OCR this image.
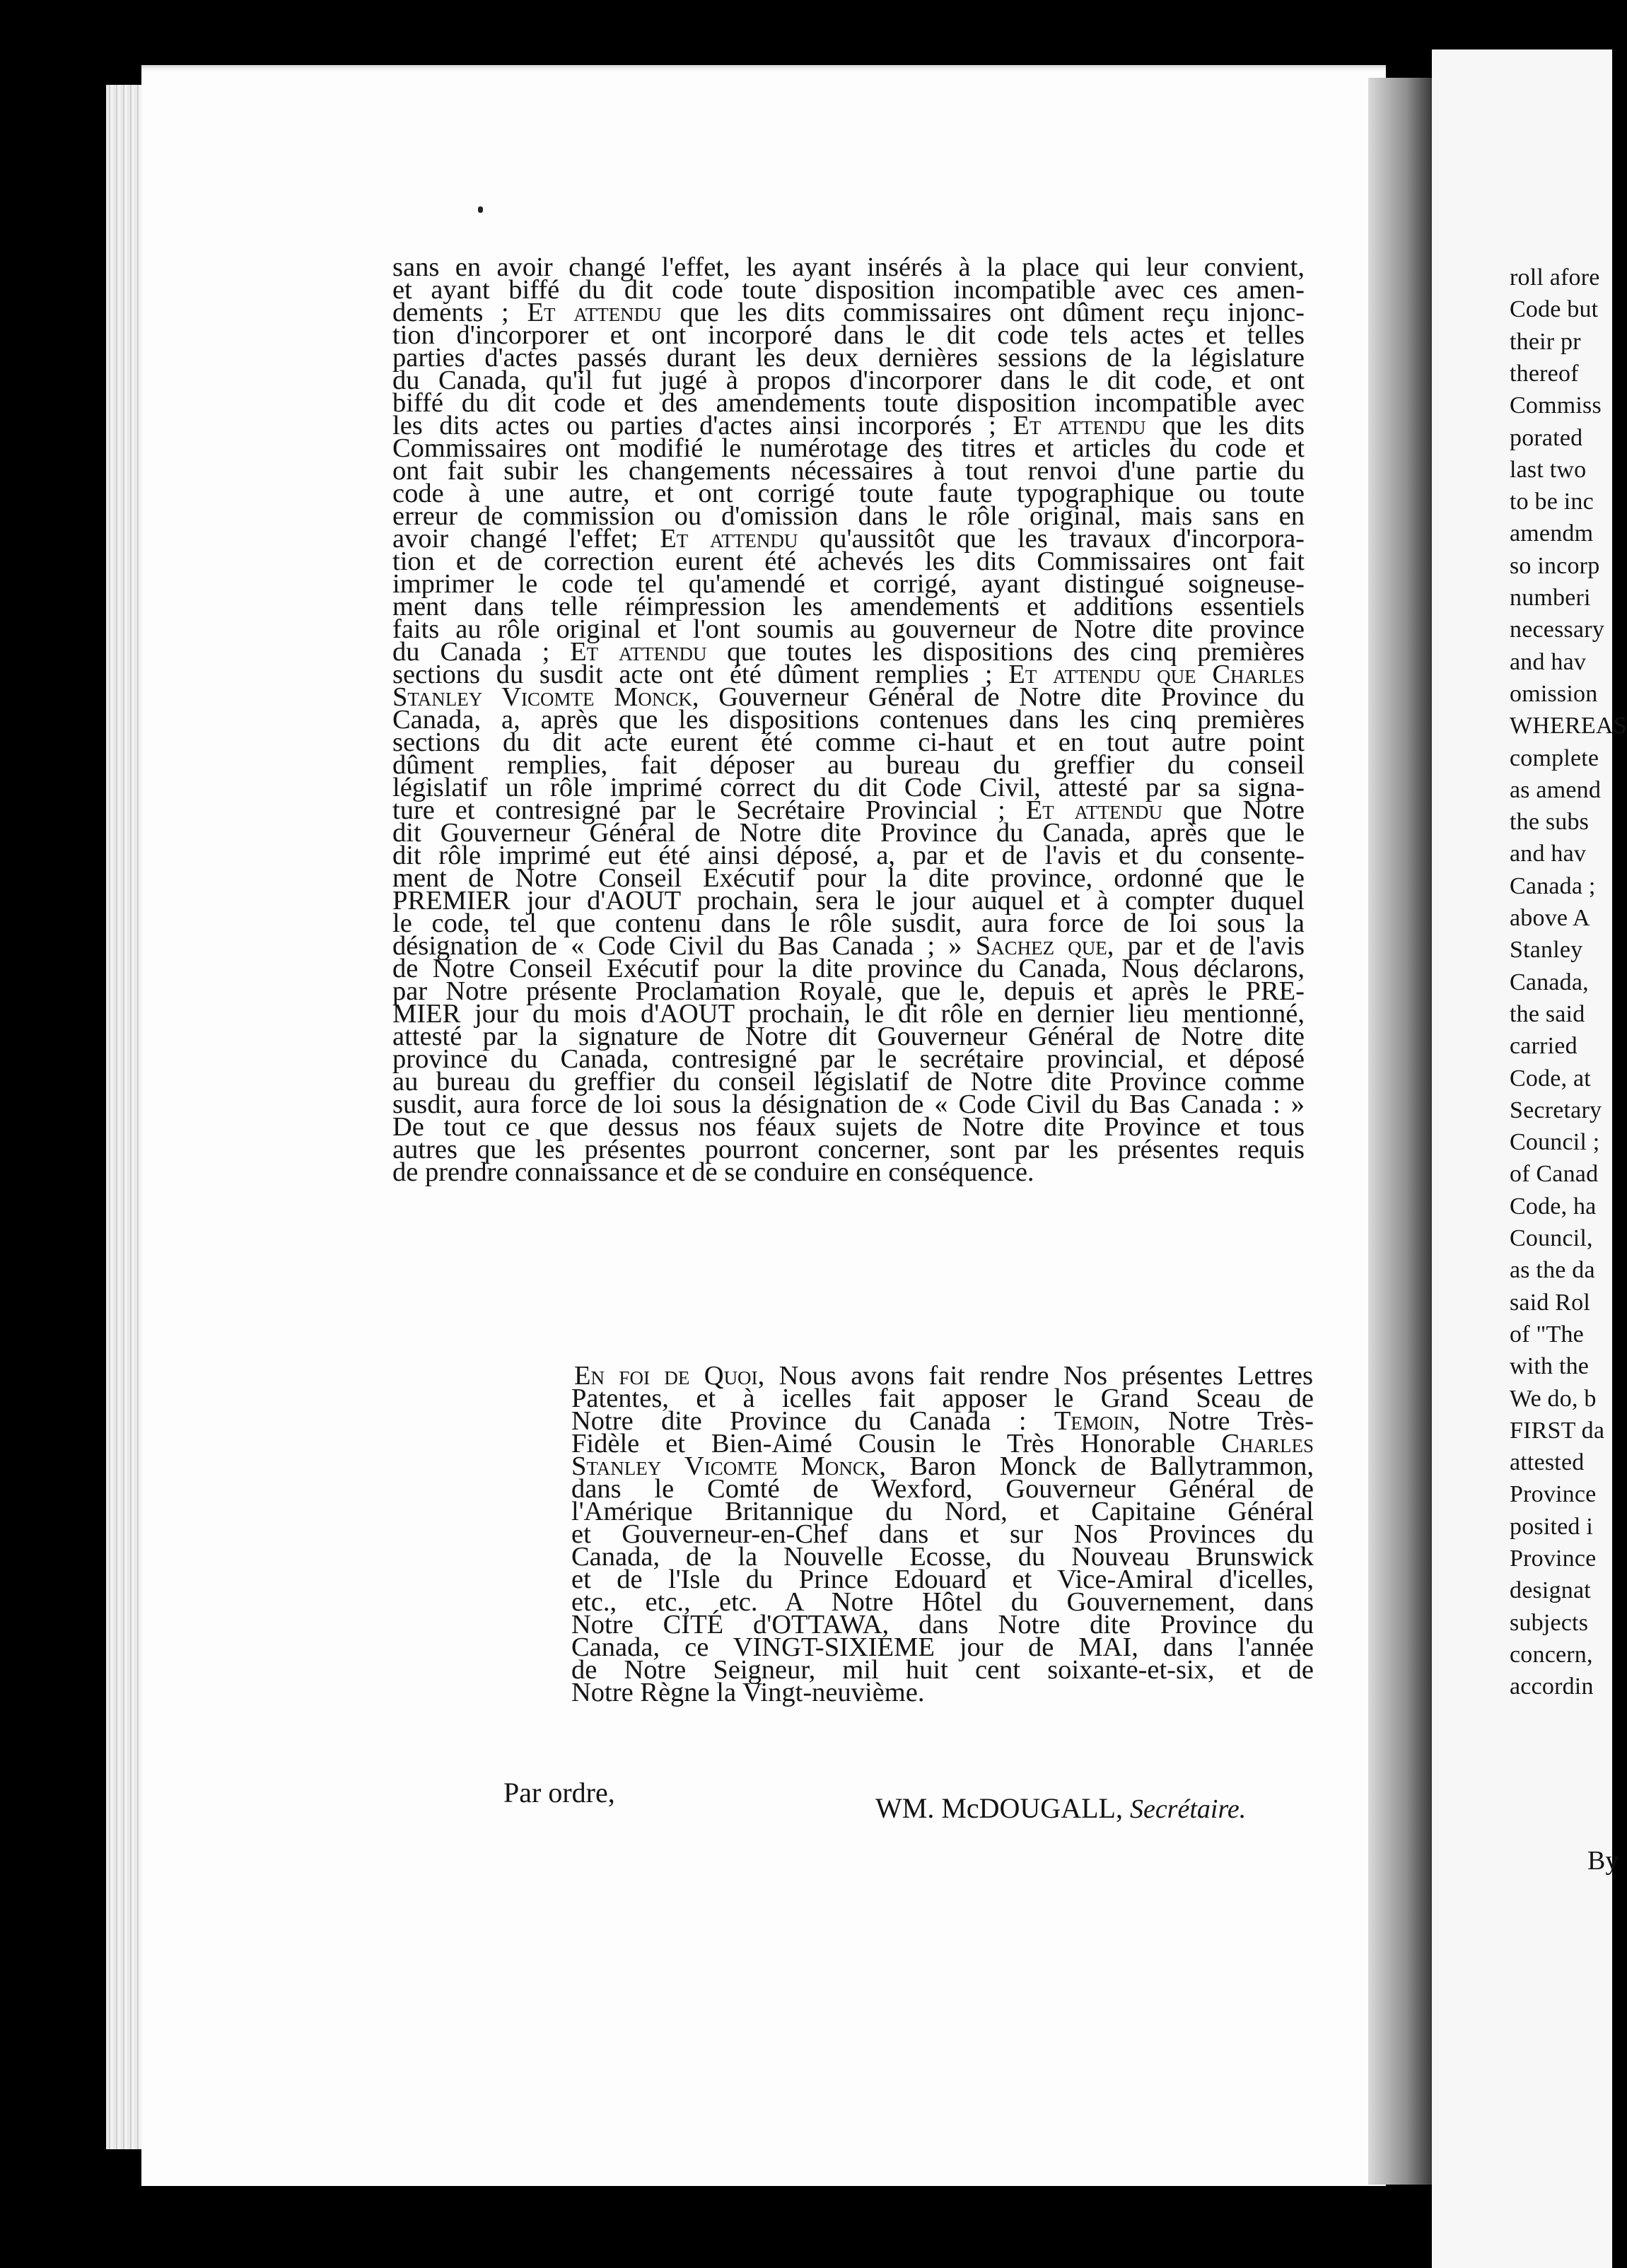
roll afore
Code but
their pr
thereof
Commiss
porated
last two
to be inc
amendm
so incorp
numberi
necessary
and hav
omission
WHEREAS
complete
as amend
the subs
and hav
Canada ;
above A
Stanley
Canada,
the said
carried
Code, at
Secretary
Council ;
of Canad
Code, ha
Council,
as the da
said Rol
of "The
with the
We do, b
FIRST da
attested
Province
posited i
Province
designat
subjects
concern,
accordin
By
sans en avoir changé l'effet, les ayant insérés à la place qui leur convient,
et ayant biffé du dit code toute disposition incompatible avec ces amen-
dements ; Et attendu que les dits commissaires ont dûment reçu injonc-
tion d'incorporer et ont incorporé dans le dit code tels actes et telles
parties d'actes passés durant les deux dernières sessions de la législature
du Canada, qu'il fut jugé à propos d'incorporer dans le dit code, et ont
biffé du dit code et des amendements toute disposition incompatible avec
les dits actes ou parties d'actes ainsi incorporés ; Et attendu que les dits
Commissaires ont modifié le numérotage des titres et articles du code et
ont fait subir les changements nécessaires à tout renvoi d'une partie du
code à une autre, et ont corrigé toute faute typographique ou toute
erreur de commission ou d'omission dans le rôle original, mais sans en
avoir changé l'effet; Et attendu qu'aussitôt que les travaux d'incorpora-
tion et de correction eurent été achevés les dits Commissaires ont fait
imprimer le code tel qu'amendé et corrigé, ayant distingué soigneuse-
ment dans telle réimpression les amendements et additions essentiels
faits au rôle original et l'ont soumis au gouverneur de Notre dite province
du Canada ; Et attendu que toutes les dispositions des cinq premières
sections du susdit acte ont été dûment remplies ; Et attendu que Charles
Stanley Vicomte Monck, Gouverneur Général de Notre dite Province du
Canada, a, après que les dispositions contenues dans les cinq premières
sections du dit acte eurent été comme ci-haut et en tout autre point
dûment remplies, fait déposer au bureau du greffier du conseil
législatif un rôle imprimé correct du dit Code Civil, attesté par sa signa-
ture et contresigné par le Secrétaire Provincial ; Et attendu que Notre
dit Gouverneur Général de Notre dite Province du Canada, après que le
dit rôle imprimé eut été ainsi déposé, a, par et de l'avis et du consente-
ment de Notre Conseil Exécutif pour la dite province, ordonné que le
PREMIER jour d'AOUT prochain, sera le jour auquel et à compter duquel
le code, tel que contenu dans le rôle susdit, aura force de loi sous la
désignation de « Code Civil du Bas Canada ; » Sachez que, par et de l'avis
de Notre Conseil Exécutif pour la dite province du Canada, Nous déclarons,
par Notre présente Proclamation Royale, que le, depuis et après le PRE-
MIER jour du mois d'AOUT prochain, le dit rôle en dernier lieu mentionné,
attesté par la signature de Notre dit Gouverneur Général de Notre dite
province du Canada, contresigné par le secrétaire provincial, et déposé
au bureau du greffier du conseil législatif de Notre dite Province comme
susdit, aura force de loi sous la désignation de « Code Civil du Bas Canada : »
De tout ce que dessus nos féaux sujets de Notre dite Province et tous
autres que les présentes pourront concerner, sont par les présentes requis
de prendre connaissance et de se conduire en conséquence.
En foi de Quoi, Nous avons fait rendre Nos présentes Lettres
Patentes, et à icelles fait apposer le Grand Sceau de
Notre dite Province du Canada : Temoin, Notre Très-
Fidèle et Bien-Aimé Cousin le Très Honorable Charles
Stanley Vicomte Monck, Baron Monck de Ballytrammon,
dans le Comté de Wexford, Gouverneur Général de
l'Amérique Britannique du Nord, et Capitaine Général
et Gouverneur-en-Chef dans et sur Nos Provinces du
Canada, de la Nouvelle Ecosse, du Nouveau Brunswick
et de l'Isle du Prince Edouard et Vice-Amiral d'icelles,
etc., etc., etc. A Notre Hôtel du Gouvernement, dans
Notre CITÉ d'OTTAWA, dans Notre dite Province du
Canada, ce VINGT-SIXIEME jour de MAI, dans l'année
de Notre Seigneur, mil huit cent soixante-et-six, et de
Notre Règne la Vingt-neuvième.
Par ordre,	WM. McDOUGALL, Secrétaire.
